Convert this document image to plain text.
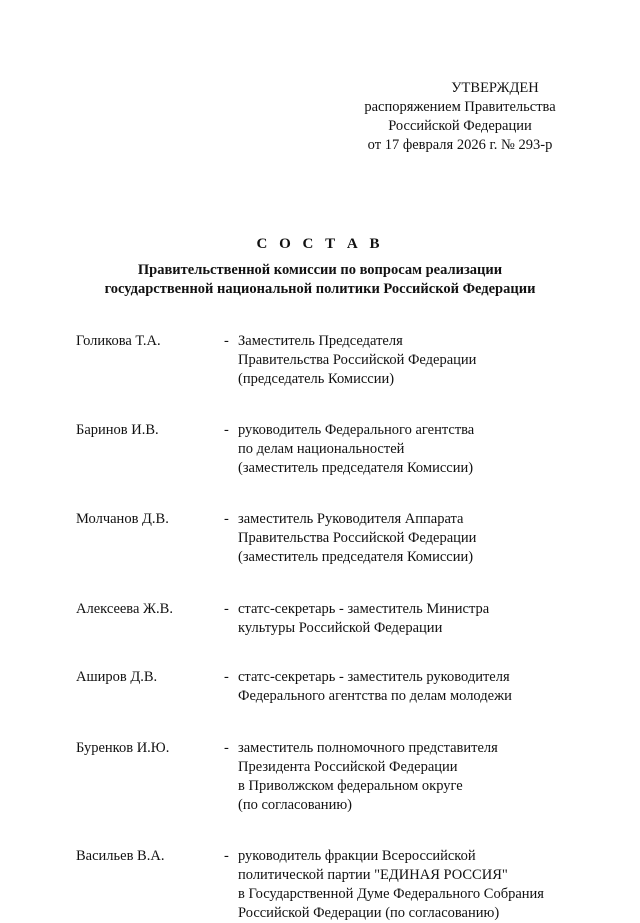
УТВЕРЖДЕН
распоряжением Правительства
Российской Федерации
от 17 февраля 2026 г. № 293-р
С О С Т А В
Правительственной комиссии по вопросам реализации
государственной национальной политики Российской Федерации
Голикова Т.А.	- Заместитель Председателя
Правительства Российской Федерации
(председатель Комиссии)
Баринов И.В.	- руководитель Федерального агентства
по делам национальностей
(заместитель председателя Комиссии)
Молчанов Д.В.	- заместитель Руководителя Аппарата
Правительства Российской Федерации
(заместитель председателя Комиссии)
Алексеева Ж.В.	- статс-секретарь - заместитель Министра
культуры Российской Федерации
Аширов Д.В.	- статс-секретарь - заместитель руководителя
Федерального агентства по делам молодежи
Буренков И.Ю.	- заместитель полномочного представителя
Президента Российской Федерации
в Приволжском федеральном округе
(по согласованию)
Васильев В.А.	- руководитель фракции Всероссийской
политической партии "ЕДИНАЯ РОССИЯ"
в Государственной Думе Федерального Собрания
Российской Федерации (по согласованию)
